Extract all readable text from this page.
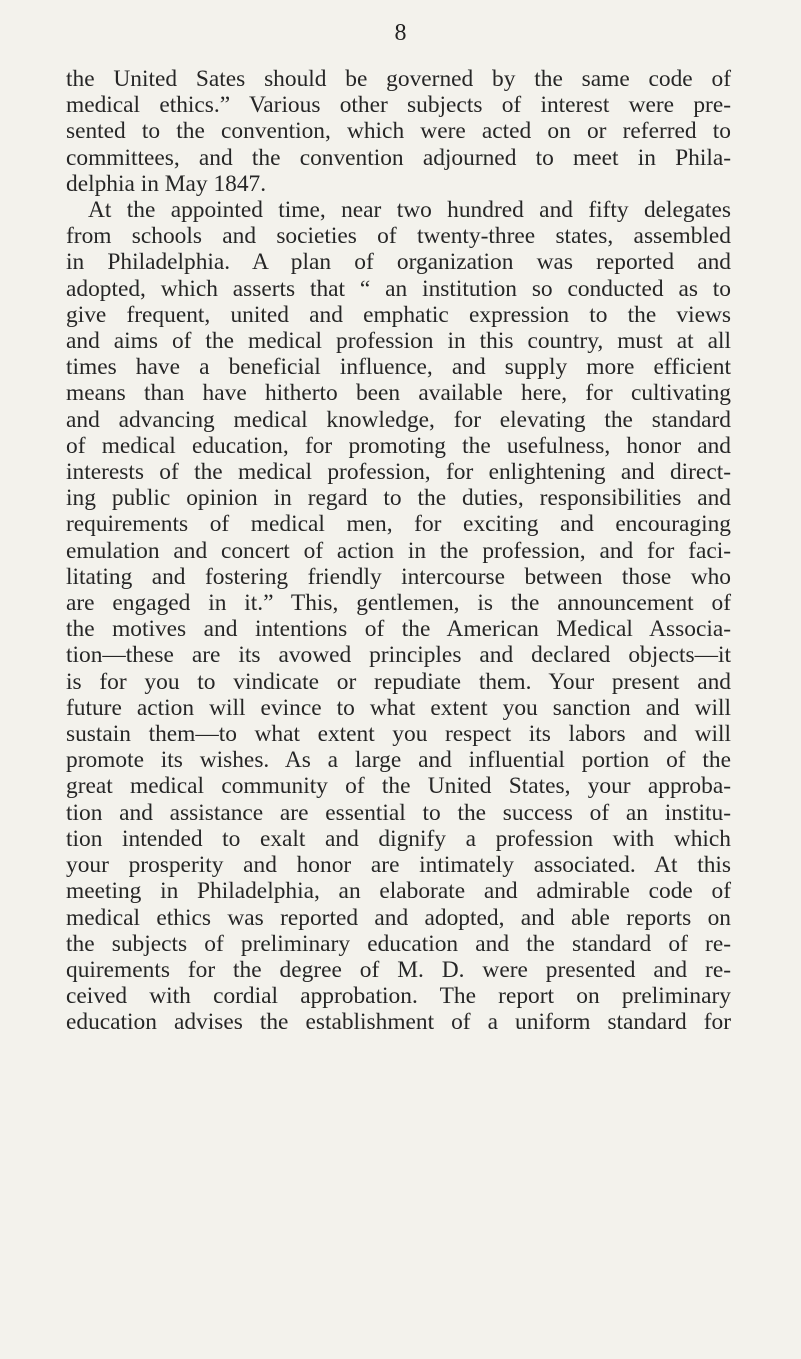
8
the United Sates should be governed by the same code of
medical ethics.” Various other subjects of interest were pre-
sented to the convention, which were acted on or referred to
committees, and the convention adjourned to meet in Phila-
delphia in May 1847.
At the appointed time, near two hundred and fifty delegates
from schools and societies of twenty-three states, assembled
in Philadelphia. A plan of organization was reported and
adopted, which asserts that “ an institution so conducted as to
give frequent, united and emphatic expression to the views
and aims of the medical profession in this country, must at all
times have a beneficial influence, and supply more efficient
means than have hitherto been available here, for cultivating
and advancing medical knowledge, for elevating the standard
of medical education, for promoting the usefulness, honor and
interests of the medical profession, for enlightening and direct-
ing public opinion in regard to the duties, responsibilities and
requirements of medical men, for exciting and encouraging
emulation and concert of action in the profession, and for faci-
litating and fostering friendly intercourse between those who
are engaged in it.” This, gentlemen, is the announcement of
the motives and intentions of the American Medical Associa-
tion—these are its avowed principles and declared objects—it
is for you to vindicate or repudiate them. Your present and
future action will evince to what extent you sanction and will
sustain them—to what extent you respect its labors and will
promote its wishes. As a large and influential portion of the
great medical community of the United States, your approba-
tion and assistance are essential to the success of an institu-
tion intended to exalt and dignify a profession with which
your prosperity and honor are intimately associated. At this
meeting in Philadelphia, an elaborate and admirable code of
medical ethics was reported and adopted, and able reports on
the subjects of preliminary education and the standard of re-
quirements for the degree of M. D. were presented and re-
ceived with cordial approbation. The report on preliminary
education advises the establishment of a uniform standard for
